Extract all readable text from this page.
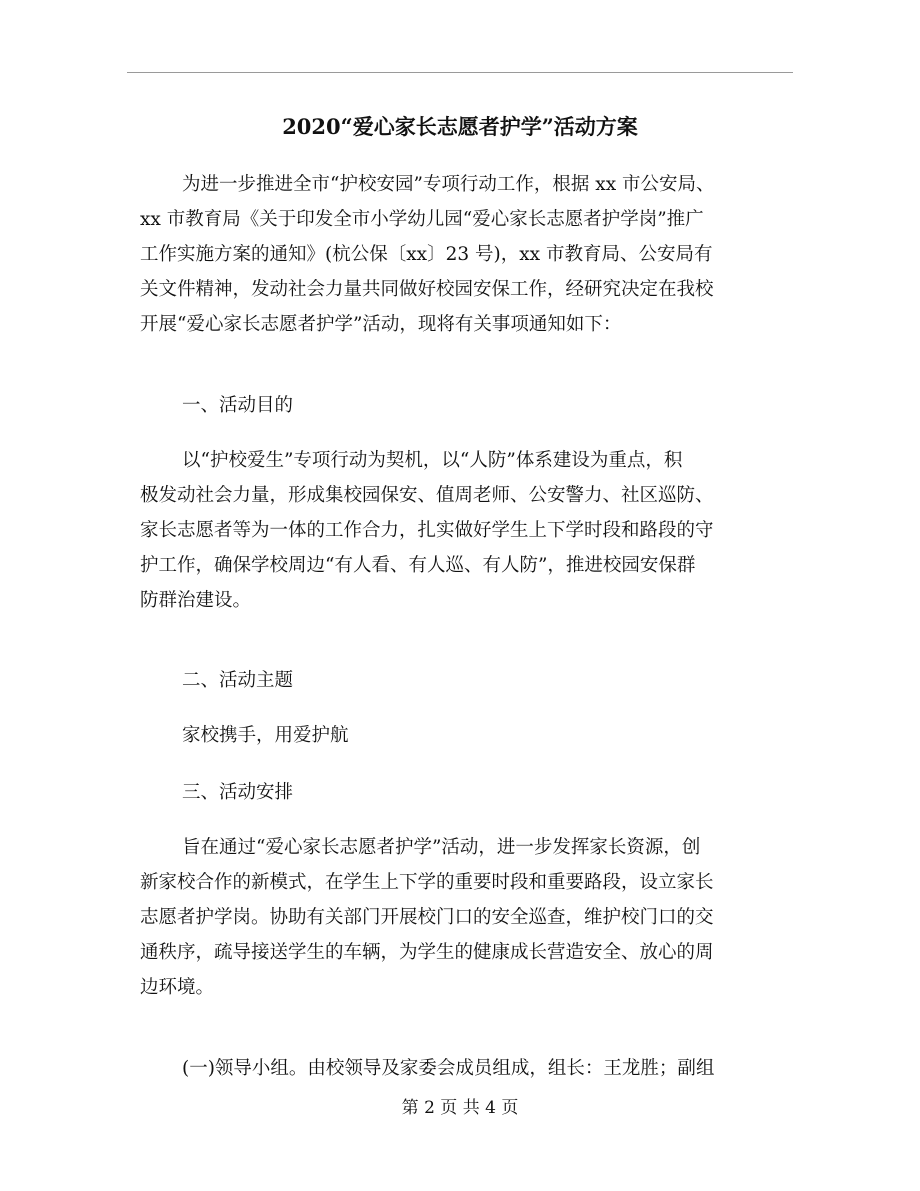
2020“爱心家长志愿者护学”活动方案
为进一步推进全市“护校安园”专项行动工作，根据 xx 市公安局、
xx 市教育局《关于印发全市小学幼儿园“爱心家长志愿者护学岗”推广
工作实施方案的通知》(杭公保〔xx〕23 号)，xx 市教育局、公安局有
关文件精神，发动社会力量共同做好校园安保工作，经研究决定在我校
开展“爱心家长志愿者护学”活动，现将有关事项通知如下：
一、活动目的
以“护校爱生”专项行动为契机，以“人防”体系建设为重点，积
极发动社会力量，形成集校园保安、值周老师、公安警力、社区巡防、
家长志愿者等为一体的工作合力，扎实做好学生上下学时段和路段的守
护工作，确保学校周边“有人看、有人巡、有人防”，推进校园安保群
防群治建设。
二、活动主题
家校携手，用爱护航
三、活动安排
旨在通过“爱心家长志愿者护学”活动，进一步发挥家长资源，创
新家校合作的新模式，在学生上下学的重要时段和重要路段，设立家长
志愿者护学岗。协助有关部门开展校门口的安全巡查，维护校门口的交
通秩序，疏导接送学生的车辆，为学生的健康成长营造安全、放心的周
边环境。
(一)领导小组。由校领导及家委会成员组成，组长：王龙胜；副组
第 2 页 共 4 页
